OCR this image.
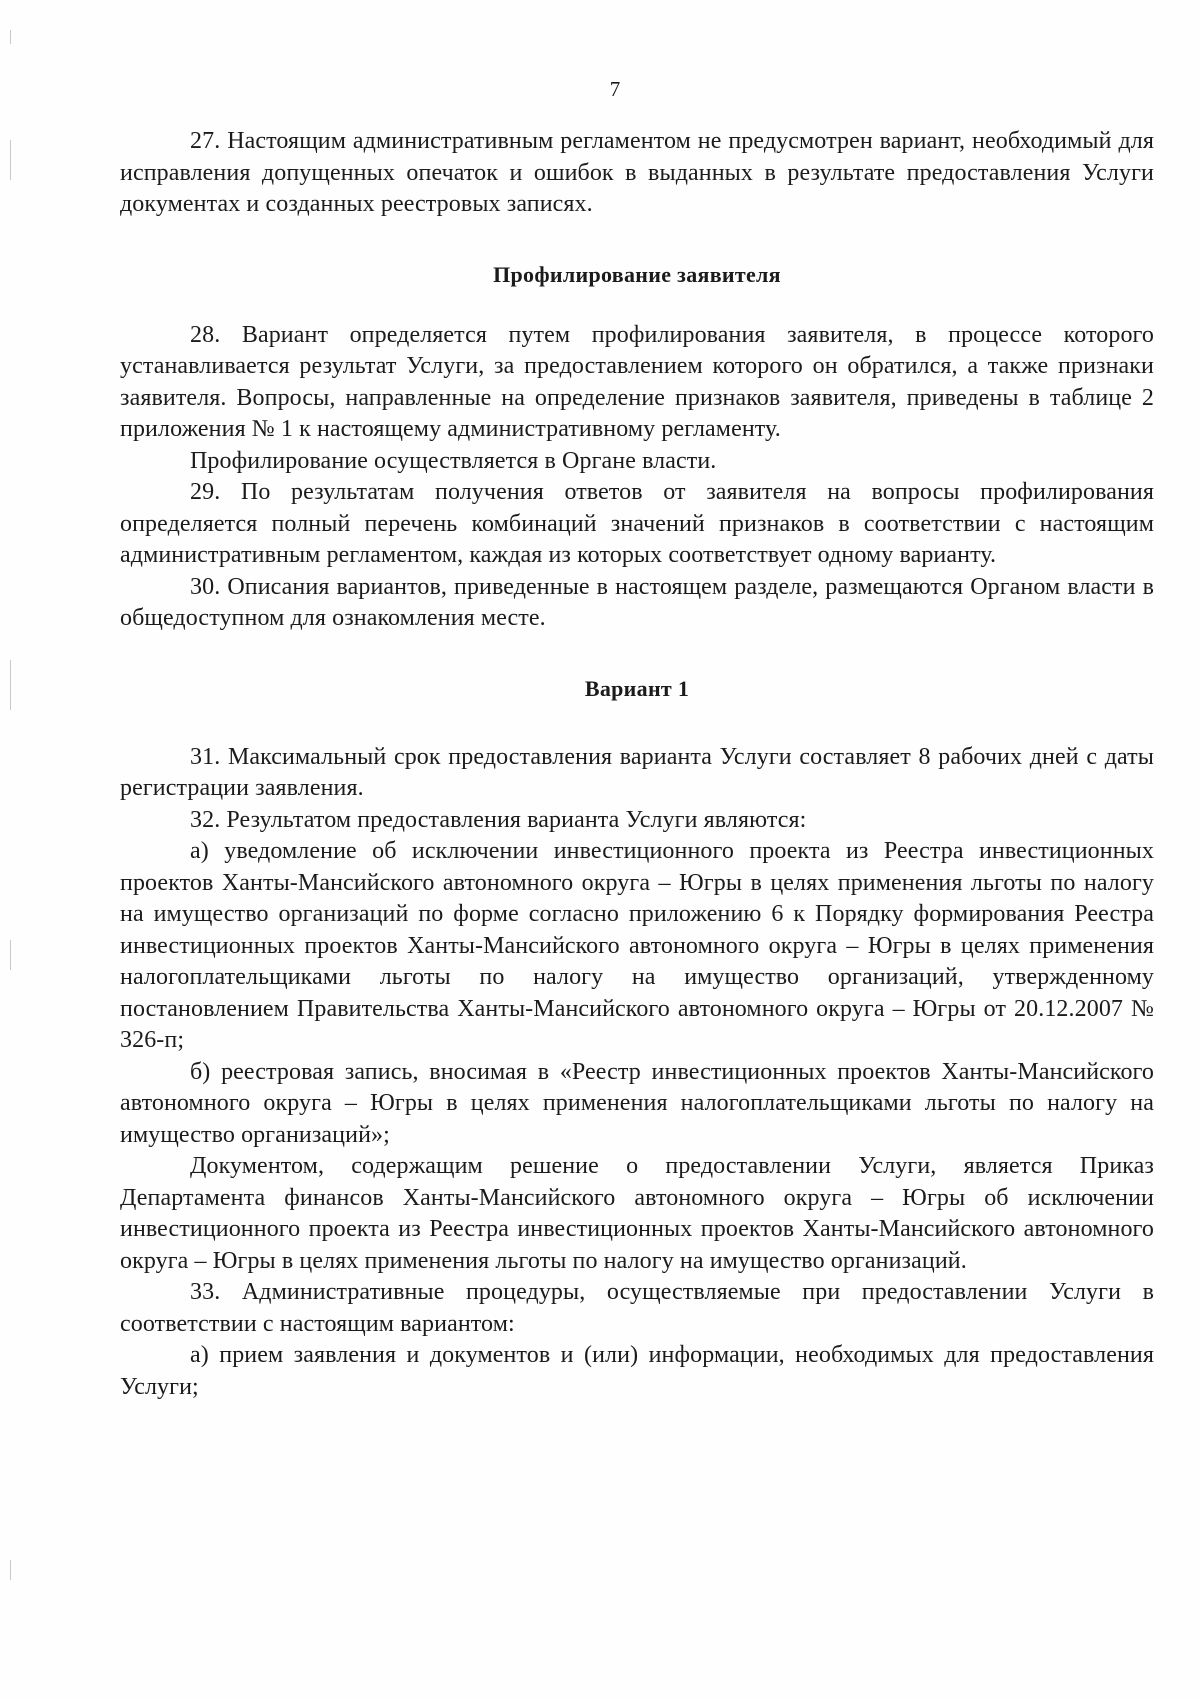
7

27. Настоящим административным регламентом не предусмотрен вариант, необходимый для исправления допущенных опечаток и ошибок в выданных в результате предоставления Услуги документах и созданных реестровых записях.

Профилирование заявителя

28. Вариант определяется путем профилирования заявителя, в процессе которого устанавливается результат Услуги, за предоставлением которого он обратился, а также признаки заявителя. Вопросы, направленные на определение признаков заявителя, приведены в таблице 2 приложения № 1 к настоящему административному регламенту.

Профилирование осуществляется в Органе власти.

29. По результатам получения ответов от заявителя на вопросы профилирования определяется полный перечень комбинаций значений признаков в соответствии с настоящим административным регламентом, каждая из которых соответствует одному варианту.

30. Описания вариантов, приведенные в настоящем разделе, размещаются Органом власти в общедоступном для ознакомления месте.

Вариант 1

31. Максимальный срок предоставления варианта Услуги составляет 8 рабочих дней с даты регистрации заявления.

32. Результатом предоставления варианта Услуги являются:

а) уведомление об исключении инвестиционного проекта из Реестра инвестиционных проектов Ханты-Мансийского автономного округа – Югры в целях применения льготы по налогу на имущество организаций по форме согласно приложению 6 к Порядку формирования Реестра инвестиционных проектов Ханты-Мансийского автономного округа – Югры в целях применения налогоплательщиками льготы по налогу на имущество организаций, утвержденному постановлением Правительства Ханты-Мансийского автономного округа – Югры от 20.12.2007 № 326-п;

б) реестровая запись, вносимая в «Реестр инвестиционных проектов Ханты-Мансийского автономного округа – Югры в целях применения налогоплательщиками льготы по налогу на имущество организаций»;

Документом, содержащим решение о предоставлении Услуги, является Приказ Департамента финансов Ханты-Мансийского автономного округа – Югры об исключении инвестиционного проекта из Реестра инвестиционных проектов Ханты-Мансийского автономного округа – Югры в целях применения льготы по налогу на имущество организаций.

33. Административные процедуры, осуществляемые при предоставлении Услуги в соответствии с настоящим вариантом:

а) прием заявления и документов и (или) информации, необходимых для предоставления Услуги;
